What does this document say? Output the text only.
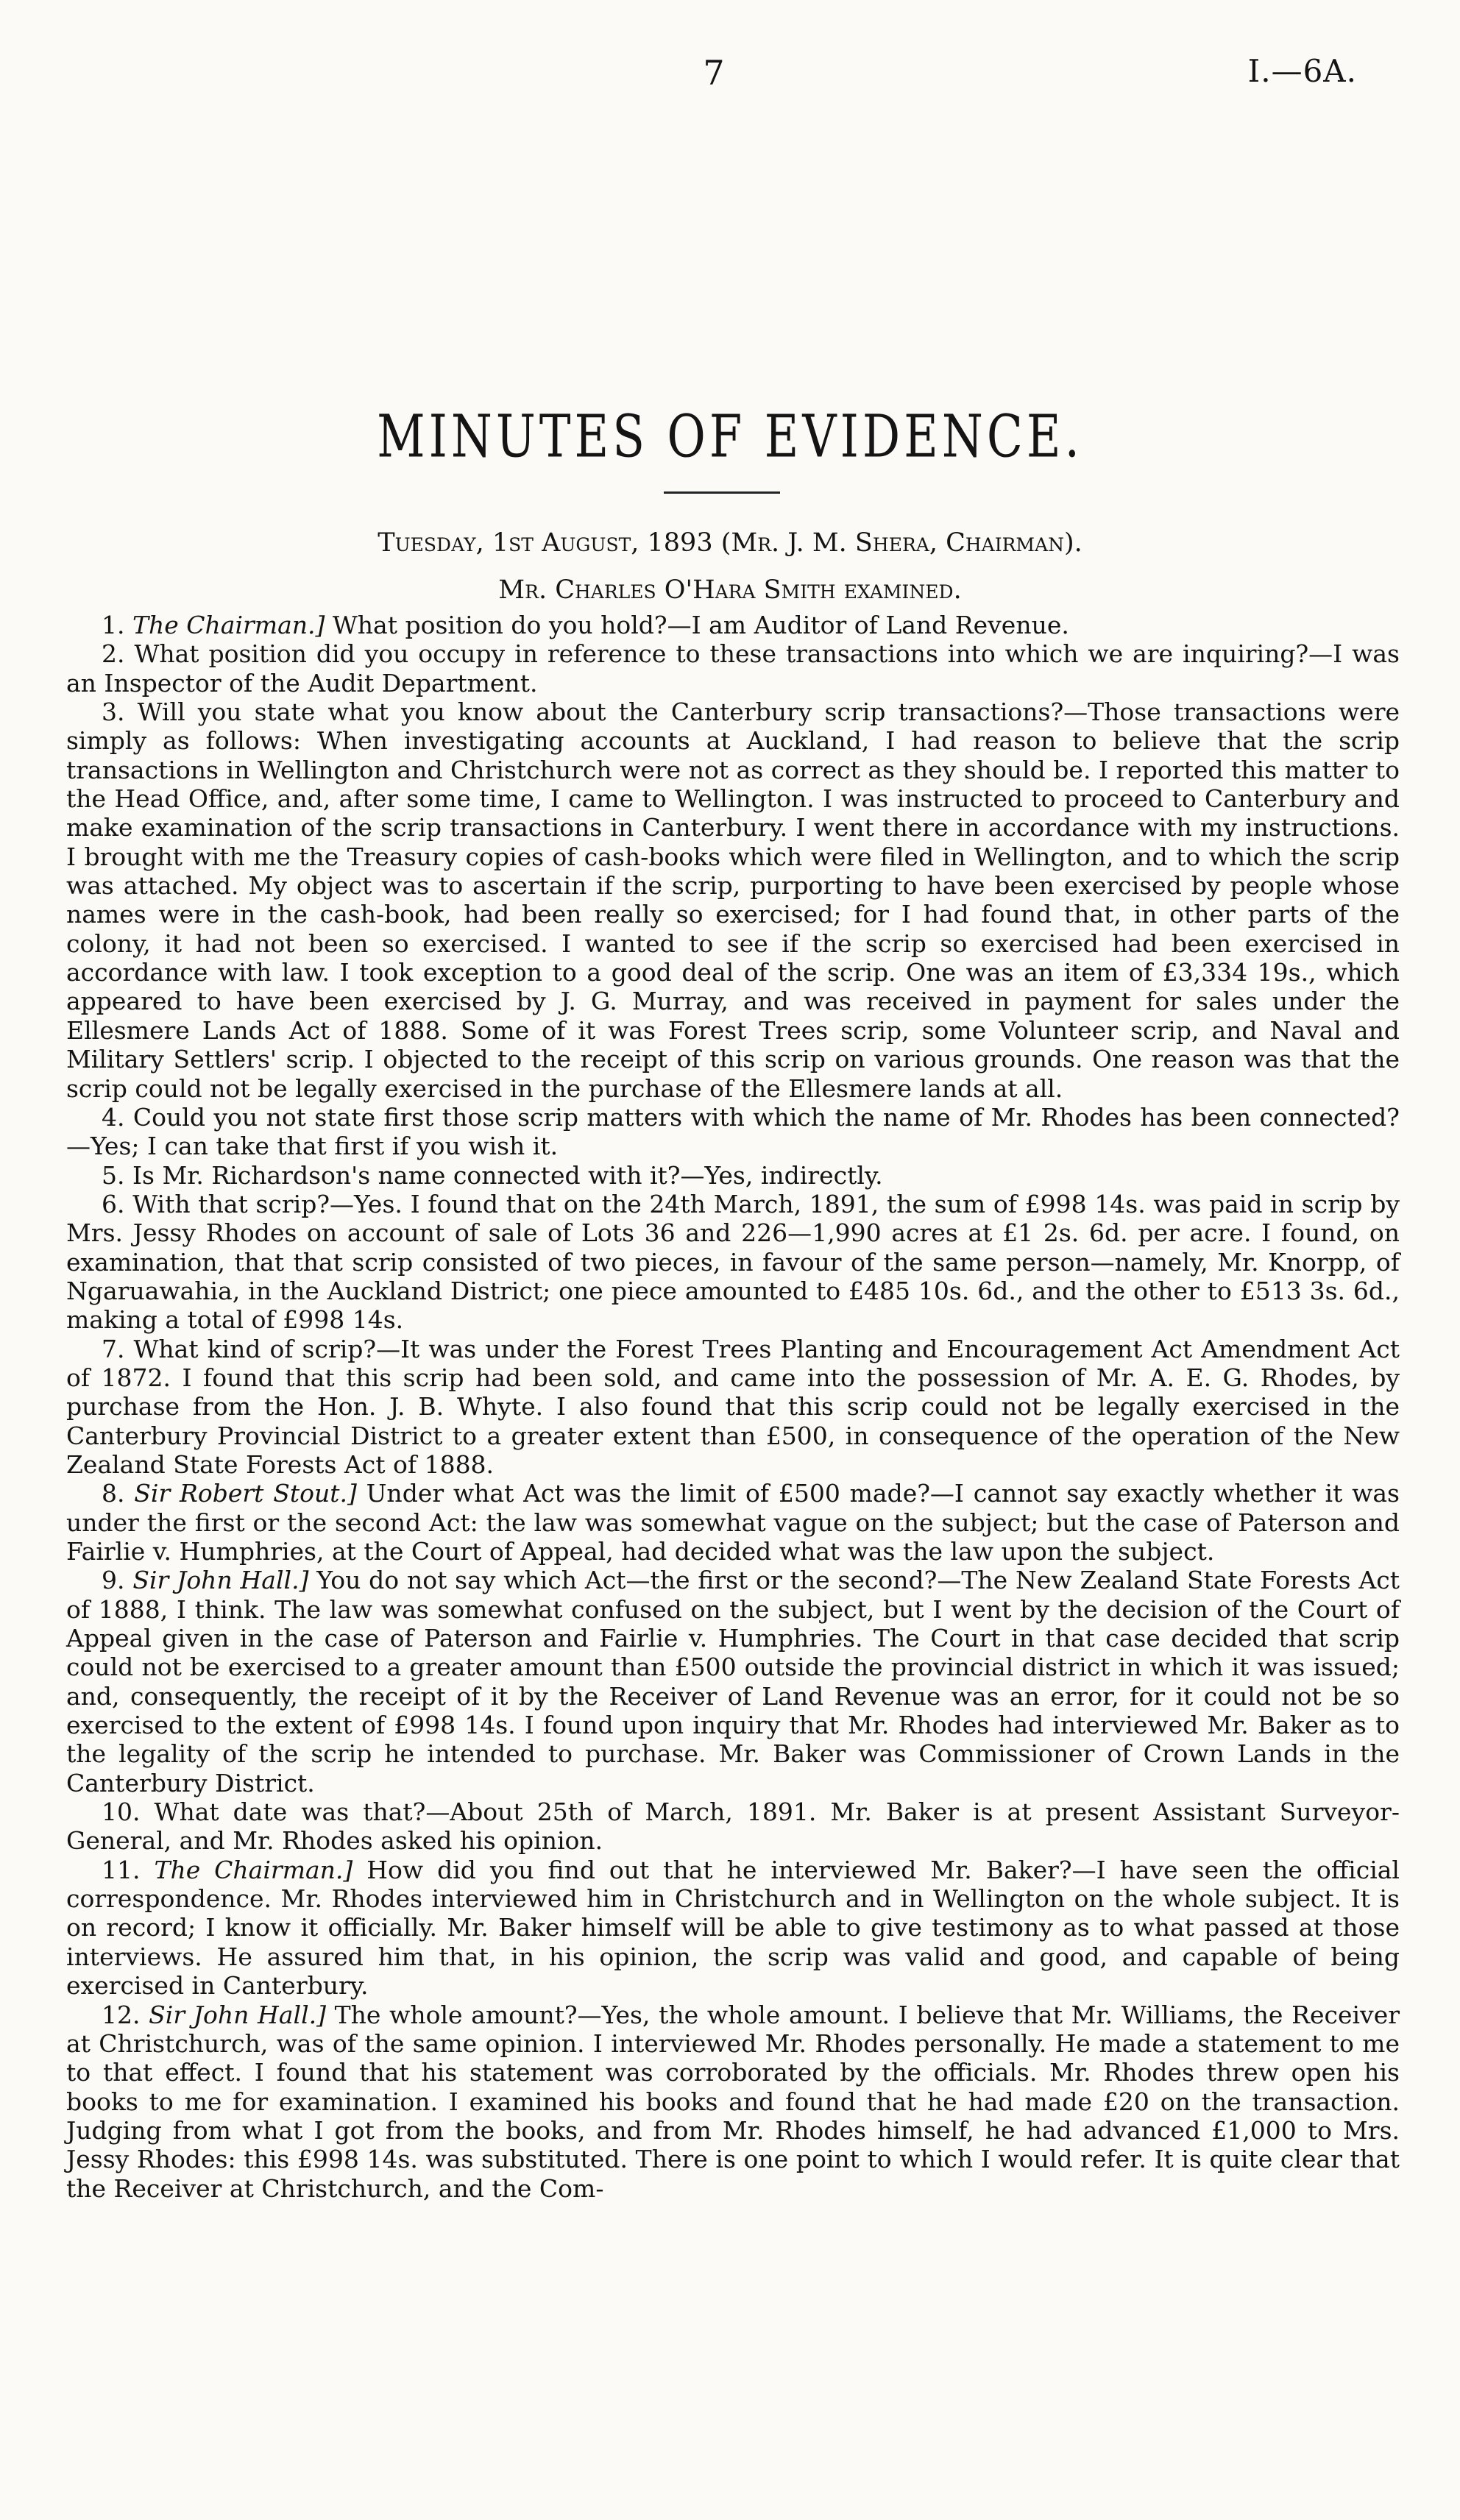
7	I.—6A.
MINUTES OF EVIDENCE.
Tuesday, 1st August, 1893 (Mr. J. M. Shera, Chairman).
Mr. Charles O'Hara Smith examined.

1. The Chairman.] What position do you hold?—I am Auditor of Land Revenue.

2. What position did you occupy in reference to these transactions into which we are inquiring?—I was an Inspector of the Audit Department.

3. Will you state what you know about the Canterbury scrip transactions?—Those transactions were simply as follows: When investigating accounts at Auckland, I had reason to believe that the scrip transactions in Wellington and Christchurch were not as correct as they should be. I reported this matter to the Head Office, and, after some time, I came to Wellington. I was instructed to proceed to Canterbury and make examination of the scrip transactions in Canterbury. I went there in accordance with my instructions. I brought with me the Treasury copies of cash-books which were filed in Wellington, and to which the scrip was attached. My object was to ascertain if the scrip, purporting to have been exercised by people whose names were in the cash-book, had been really so exercised; for I had found that, in other parts of the colony, it had not been so exercised. I wanted to see if the scrip so exercised had been exercised in accordance with law. I took exception to a good deal of the scrip. One was an item of £3,334 19s., which appeared to have been exercised by J. G. Murray, and was received in payment for sales under the Ellesmere Lands Act of 1888. Some of it was Forest Trees scrip, some Volunteer scrip, and Naval and Military Settlers' scrip. I objected to the receipt of this scrip on various grounds. One reason was that the scrip could not be legally exercised in the purchase of the Ellesmere lands at all.

4. Could you not state first those scrip matters with which the name of Mr. Rhodes has been connected?—Yes; I can take that first if you wish it.

5. Is Mr. Richardson's name connected with it?—Yes, indirectly.

6. With that scrip?—Yes. I found that on the 24th March, 1891, the sum of £998 14s. was paid in scrip by Mrs. Jessy Rhodes on account of sale of Lots 36 and 226—1,990 acres at £1 2s. 6d. per acre. I found, on examination, that that scrip consisted of two pieces, in favour of the same person—namely, Mr. Knorpp, of Ngaruawahia, in the Auckland District; one piece amounted to £485 10s. 6d., and the other to £513 3s. 6d., making a total of £998 14s.

7. What kind of scrip?—It was under the Forest Trees Planting and Encouragement Act Amendment Act of 1872. I found that this scrip had been sold, and came into the possession of Mr. A. E. G. Rhodes, by purchase from the Hon. J. B. Whyte. I also found that this scrip could not be legally exercised in the Canterbury Provincial District to a greater extent than £500, in consequence of the operation of the New Zealand State Forests Act of 1888.

8. Sir Robert Stout.] Under what Act was the limit of £500 made?—I cannot say exactly whether it was under the first or the second Act: the law was somewhat vague on the subject; but the case of Paterson and Fairlie v. Humphries, at the Court of Appeal, had decided what was the law upon the subject.

9. Sir John Hall.] You do not say which Act—the first or the second?—The New Zealand State Forests Act of 1888, I think. The law was somewhat confused on the subject, but I went by the decision of the Court of Appeal given in the case of Paterson and Fairlie v. Humphries. The Court in that case decided that scrip could not be exercised to a greater amount than £500 outside the provincial district in which it was issued; and, consequently, the receipt of it by the Receiver of Land Revenue was an error, for it could not be so exercised to the extent of £998 14s. I found upon inquiry that Mr. Rhodes had interviewed Mr. Baker as to the legality of the scrip he intended to purchase. Mr. Baker was Commissioner of Crown Lands in the Canterbury District.

10. What date was that?—About 25th of March, 1891. Mr. Baker is at present Assistant Surveyor-General, and Mr. Rhodes asked his opinion.

11. The Chairman.] How did you find out that he interviewed Mr. Baker?—I have seen the official correspondence. Mr. Rhodes interviewed him in Christchurch and in Wellington on the whole subject. It is on record; I know it officially. Mr. Baker himself will be able to give testimony as to what passed at those interviews. He assured him that, in his opinion, the scrip was valid and good, and capable of being exercised in Canterbury.

12. Sir John Hall.] The whole amount?—Yes, the whole amount. I believe that Mr. Williams, the Receiver at Christchurch, was of the same opinion. I interviewed Mr. Rhodes personally. He made a statement to me to that effect. I found that his statement was corroborated by the officials. Mr. Rhodes threw open his books to me for examination. I examined his books and found that he had made £20 on the transaction. Judging from what I got from the books, and from Mr. Rhodes himself, he had advanced £1,000 to Mrs. Jessy Rhodes: this £998 14s. was substituted. There is one point to which I would refer. It is quite clear that the Receiver at Christchurch, and the Com-
